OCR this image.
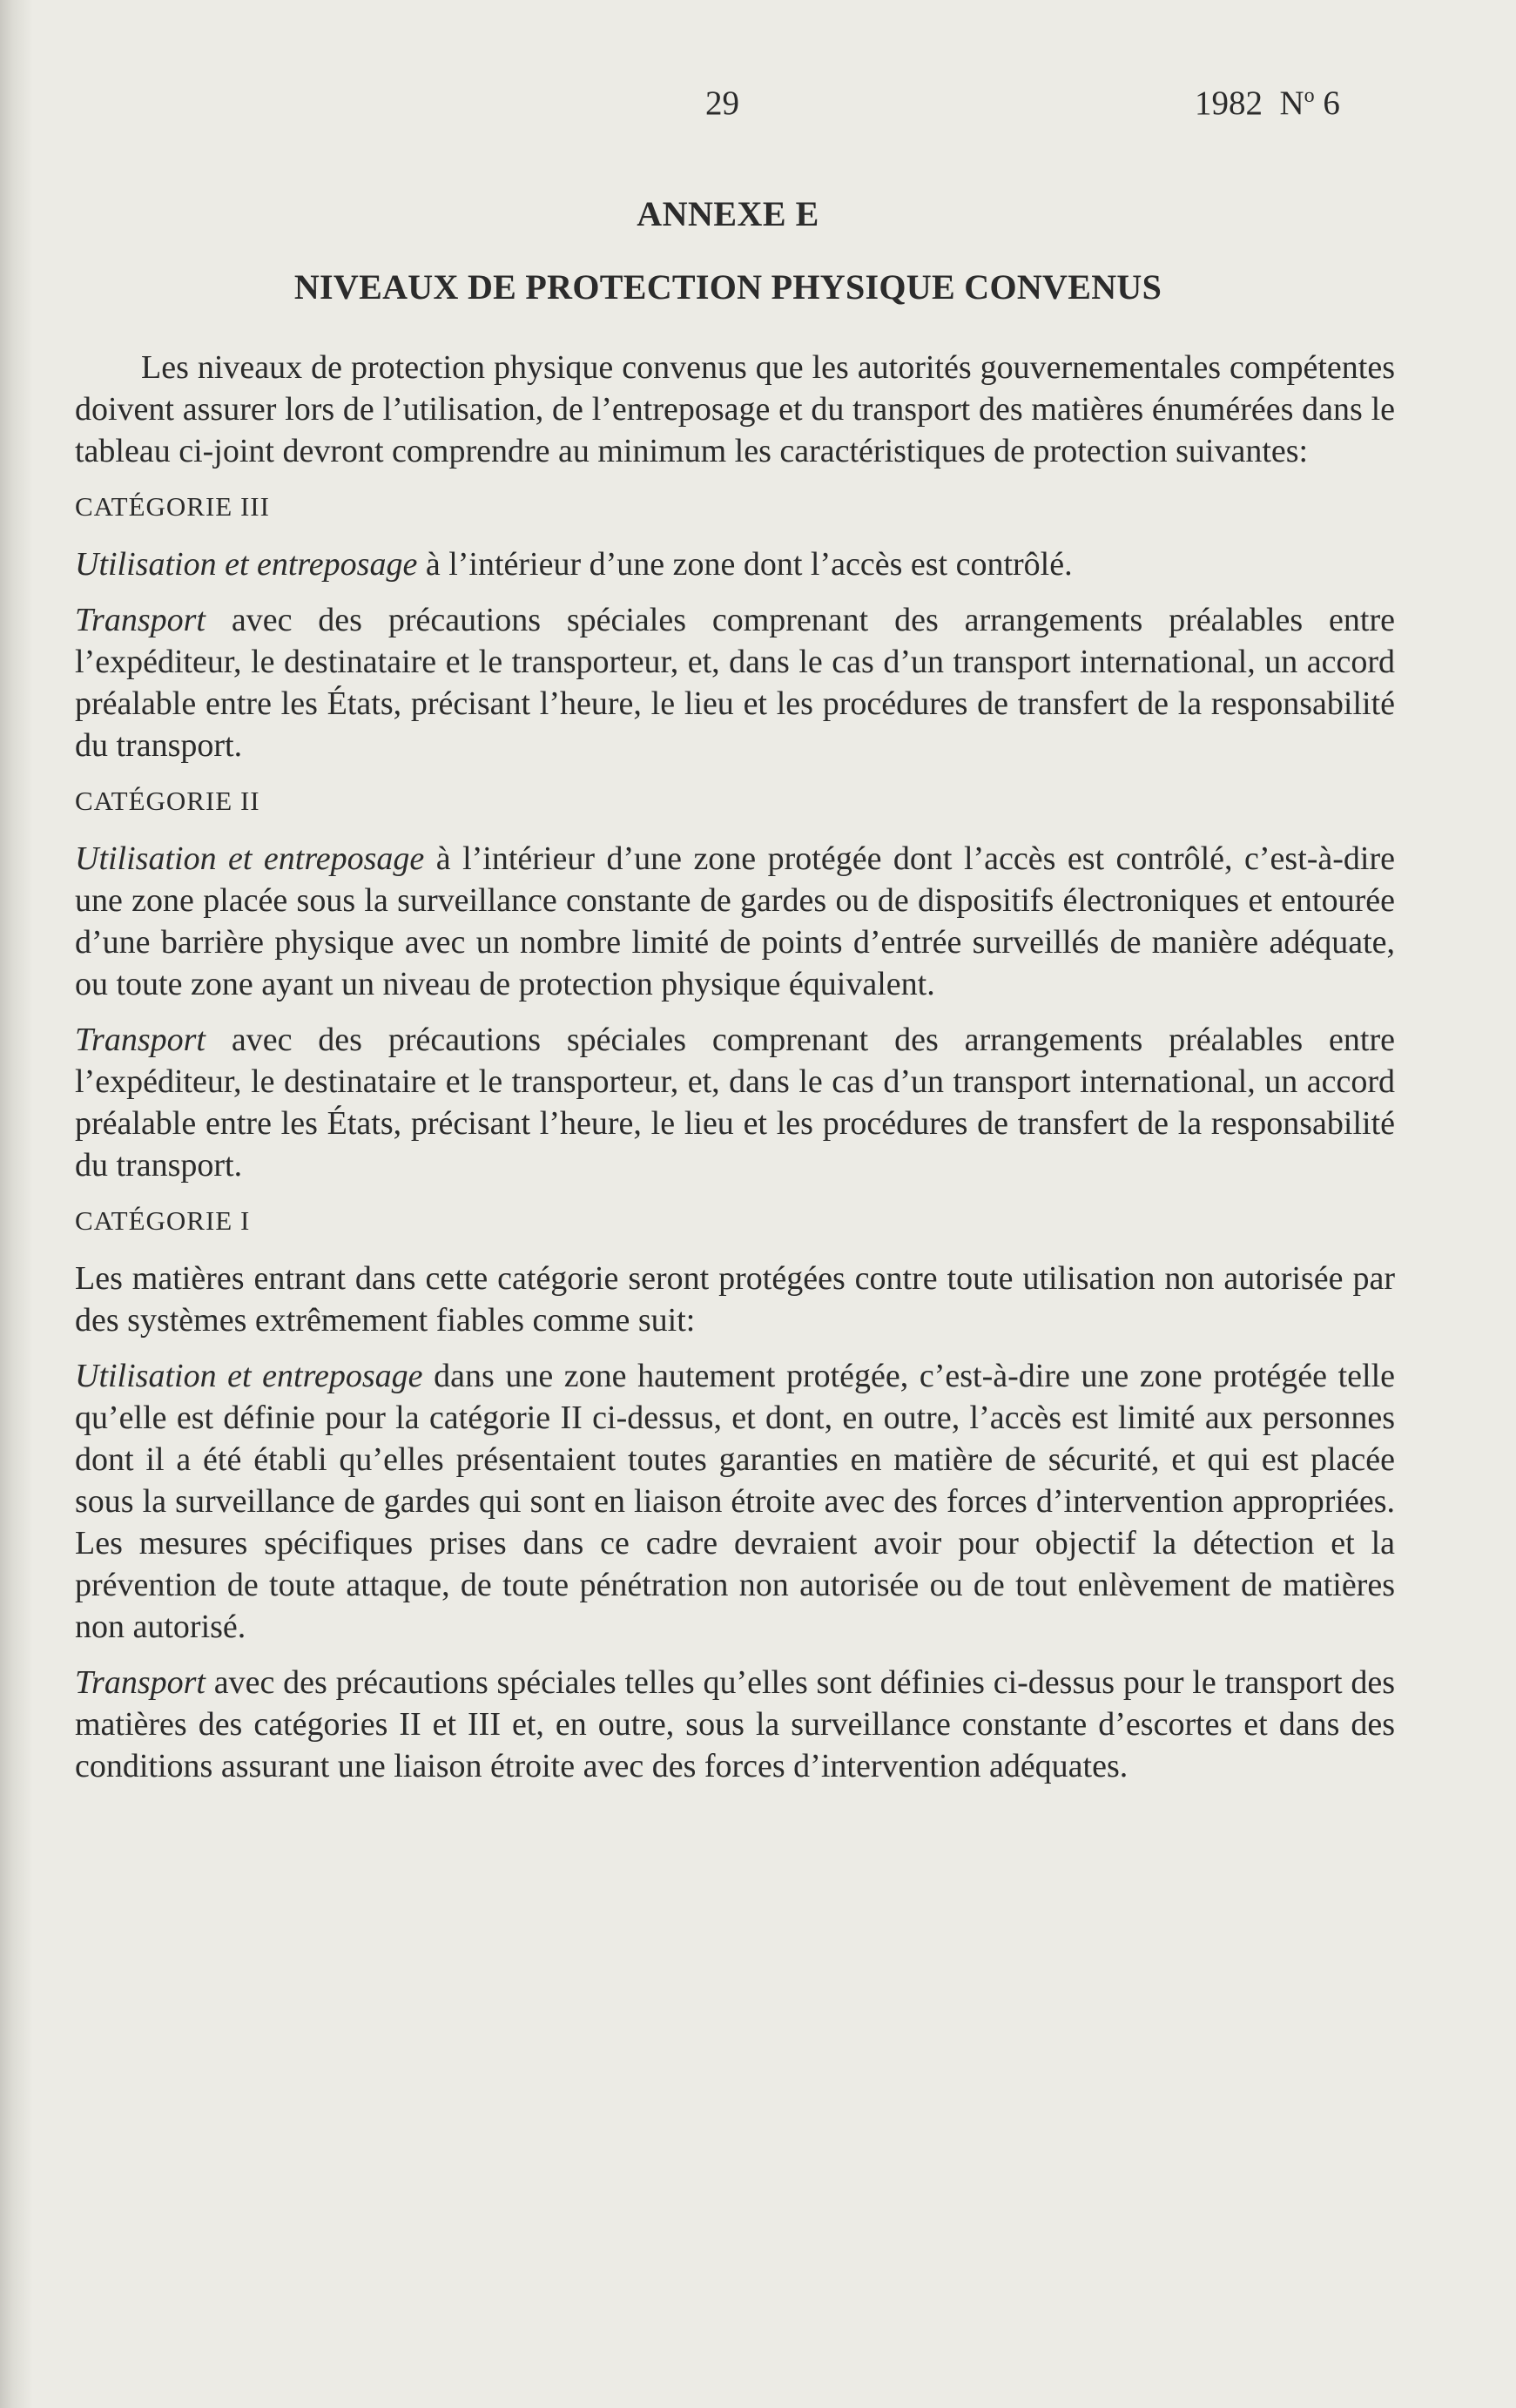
29	1982 $N^o$ 6
ANNEXE E
NIVEAUX DE PROTECTION PHYSIQUE CONVENUS

Les niveaux de protection physique convenus que les autorités gouvernementales compétentes doivent assurer lors de l’utilisation, de l’entreposage et du transport des matières énumérées dans le tableau ci-joint devront comprendre au minimum les caractéristiques de protection suivantes:

CATÉGORIE III

Utilisation et entreposage à l’intérieur d’une zone dont l’accès est contrôlé.

Transport avec des précautions spéciales comprenant des arrangements préalables entre l’expéditeur, le destinataire et le transporteur, et, dans le cas d’un transport international, un accord préalable entre les États, précisant l’heure, le lieu et les procédures de transfert de la responsabilité du transport.

CATÉGORIE II

Utilisation et entreposage à l’intérieur d’une zone protégée dont l’accès est contrôlé, c’est-à-dire une zone placée sous la surveillance constante de gardes ou de dispositifs électroniques et entourée d’une barrière physique avec un nombre limité de points d’entrée surveillés de manière adéquate, ou toute zone ayant un niveau de protection physique équivalent.

Transport avec des précautions spéciales comprenant des arrangements préalables entre l’expéditeur, le destinataire et le transporteur, et, dans le cas d’un transport international, un accord préalable entre les États, précisant l’heure, le lieu et les procédures de transfert de la responsabilité du transport.

CATÉGORIE I

Les matières entrant dans cette catégorie seront protégées contre toute utilisation non autorisée par des systèmes extrêmement fiables comme suit:

Utilisation et entreposage dans une zone hautement protégée, c’est-à-dire une zone protégée telle qu’elle est définie pour la catégorie II ci-dessus, et dont, en outre, l’accès est limité aux personnes dont il a été établi qu’elles présentaient toutes garanties en matière de sécurité, et qui est placée sous la surveillance de gardes qui sont en liaison étroite avec des forces d’intervention appropriées. Les mesures spécifiques prises dans ce cadre devraient avoir pour objectif la détection et la prévention de toute attaque, de toute pénétration non autorisée ou de tout enlèvement de matières non autorisé.

Transport avec des précautions spéciales telles qu’elles sont définies ci-dessus pour le transport des matières des catégories II et III et, en outre, sous la surveillance constante d’escortes et dans des conditions assurant une liaison étroite avec des forces d’intervention adéquates.
